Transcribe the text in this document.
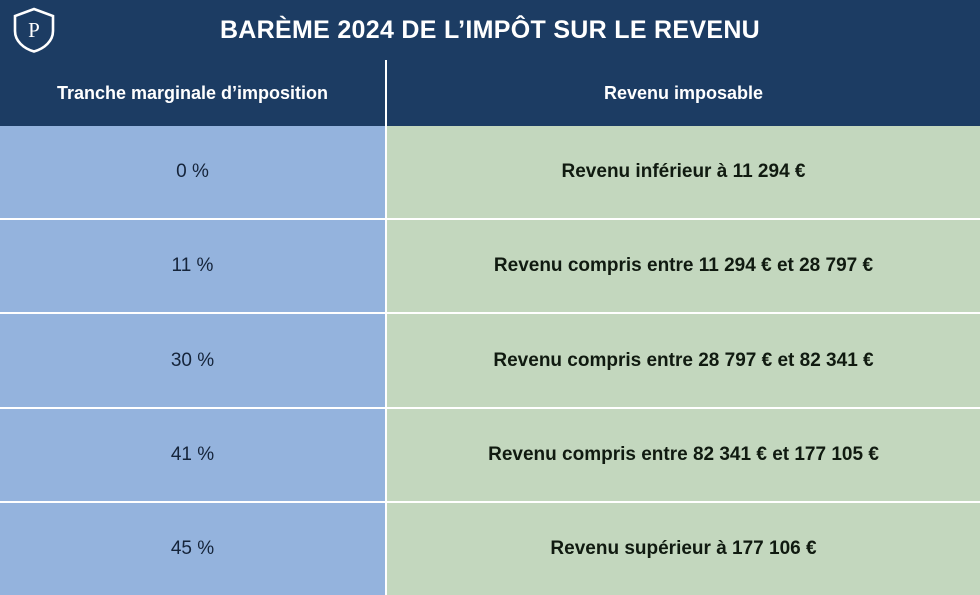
P	BARÈME 2024 DE L’IMPÔT SUR LE REVENU
Tranche marginale d’imposition	Revenu imposable
0 %	Revenu inférieur à 11 294 €
11 %	Revenu compris entre 11 294 € et 28 797 €
30 %	Revenu compris entre 28 797 € et 82 341 €
41 %	Revenu compris entre 82 341 € et 177 105 €
45 %	Revenu supérieur à 177 106 €
